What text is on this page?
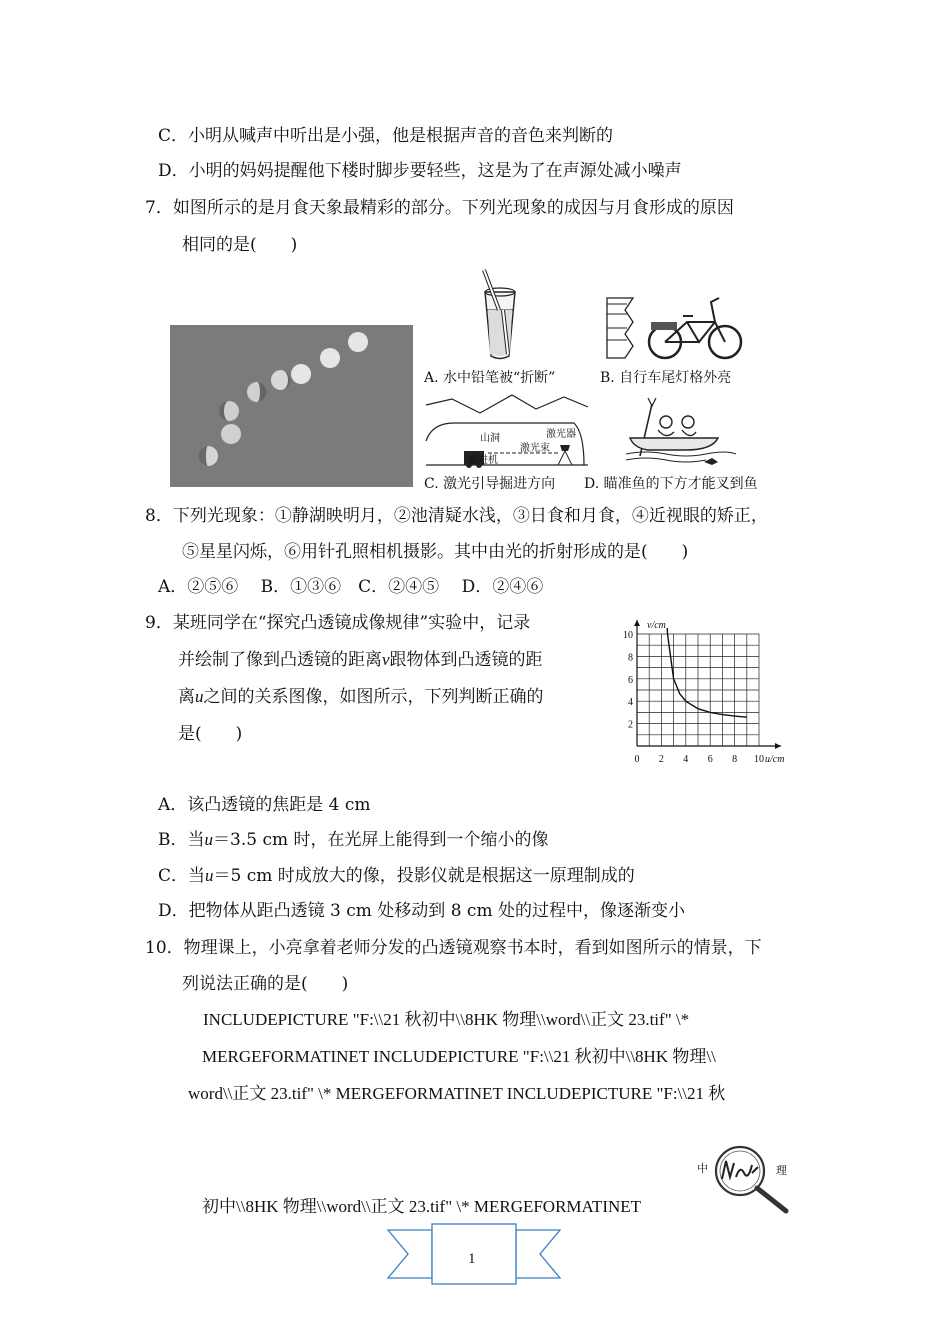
C．小明从喊声中听出是小强，他是根据声音的音色来判断的
D．小明的妈妈提醒他下楼时脚步要轻些，这是为了在声源处减小噪声
7．如图所示的是月食天象最精彩的部分。下列光现象的成因与月食形成的原因
相同的是(　　)
A. 水中铅笔被“折断”	B. 自行车尾灯格外亮
山洞	激光器
激光束
掘进机
C. 激光引导掘进方向 D. 瞄准鱼的下方才能叉到鱼
8．下列光现象：①静湖映明月，②池清疑水浅，③日食和月食，④近视眼的矫正，
⑤星星闪烁，⑥用针孔照相机摄影。其中由光的折射形成的是(　　)
A．②⑤⑥　 B．①③⑥　C．②④⑤　 D．②④⑥
9．某班同学在“探究凸透镜成像规律”实验中，记录
并绘制了像到凸透镜的距离v跟物体到凸透镜的距
离u之间的关系图像，如图所示，下列判断正确的
是(　　)
0 2 4 6 8 10
2
4
6
8
10
u/cm
v/cm
A．该凸透镜的焦距是 4 cm
B．当u＝3.5 cm 时，在光屏上能得到一个缩小的像
C．当u＝5 cm 时成放大的像，投影仪就是根据这一原理制成的
D．把物体从距凸透镜 3 cm 处移动到 8 cm 处的过程中，像逐渐变小
10．物理课上，小亮拿着老师分发的凸透镜观察书本时，看到如图所示的情景，下
列说法正确的是(　　)
INCLUDEPICTURE "F:\\21 秋初中\\8HK 物理\\word\\正文 23.tif" \*
MERGEFORMATINET INCLUDEPICTURE "F:\\21 秋初中\\8HK 物理\\
word\\正文 23.tif" \* MERGEFORMATINET INCLUDEPICTURE "F:\\21 秋
初中\\8HK 物理\\word\\正文 23.tif" \* MERGEFORMATINET
中	理
1
